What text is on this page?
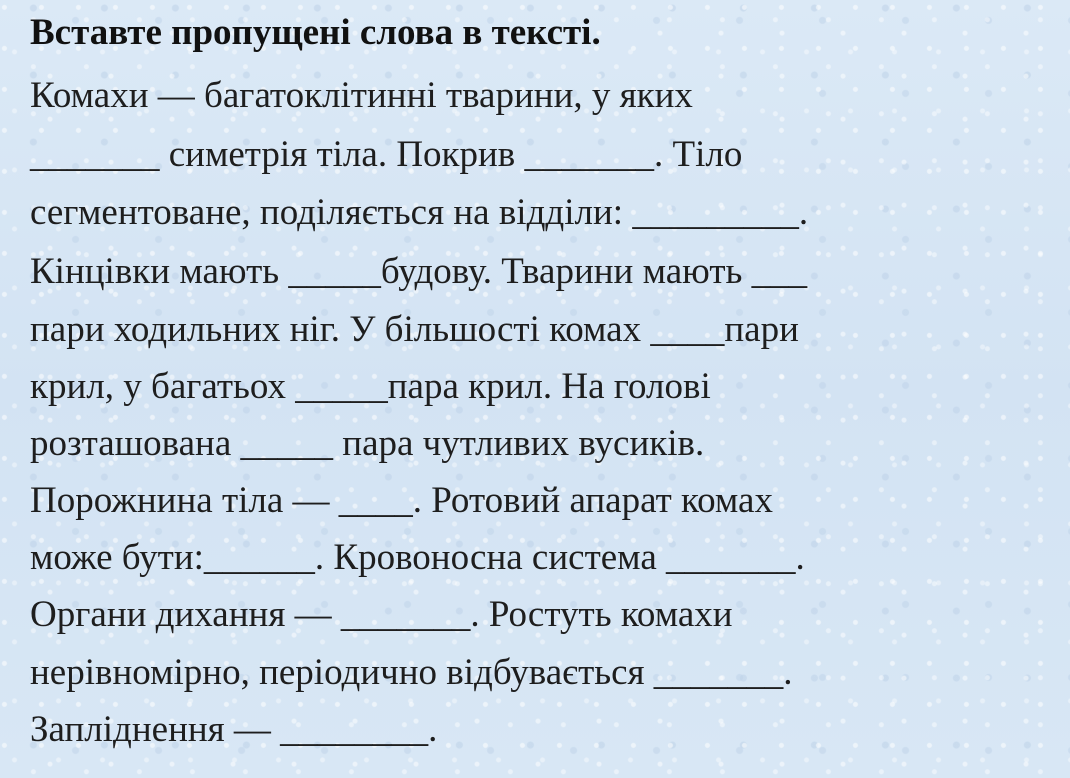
Вставте пропущені слова в тексті.

Комахи — багатоклітинні тварини, у яких

_______ симетрія тіла. Покрив _______. Тіло

сегментоване, поділяється на відділи: _________.

Кінцівки мають _____будову. Тварини мають ___

пари ходильних ніг. У більшості комах ____пари

крил, у багатьох _____пара крил. На голові

розташована _____ пара чутливих вусиків.

Порожнина тіла — ____. Ротовий апарат комах

може бути:______. Кровоносна система _______.

Органи дихання — _______. Ростуть комахи

нерівномірно, періодично відбувається _______.

Запліднення — ________.
